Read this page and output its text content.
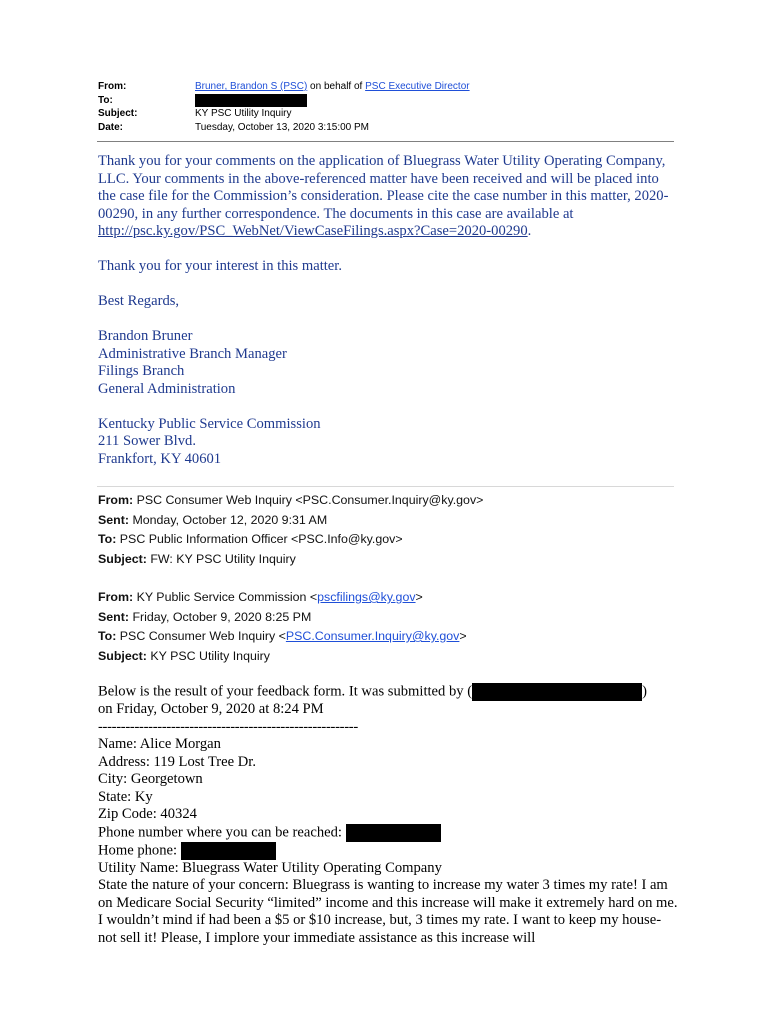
From:	Bruner, Brandon S (PSC) on behalf of PSC Executive Director
To:
Subject:	KY PSC Utility Inquiry
Date:	Tuesday, October 13, 2020 3:15:00 PM

Thank you for your comments on the application of Bluegrass Water Utility Operating Company, LLC. Your comments in the above-referenced matter have been received and will be placed into the case file for the Commission’s consideration. Please cite the case number in this matter, 2020-00290, in any further correspondence. The documents in this case are available at http://psc.ky.gov/PSC_WebNet/ViewCaseFilings.aspx?Case=2020-00290.

Thank you for your interest in this matter.

Best Regards,

Brandon Bruner

Administrative Branch Manager

Filings Branch

General Administration

Kentucky Public Service Commission

211 Sower Blvd.

Frankfort, KY 40601

From: PSC Consumer Web Inquiry <PSC.Consumer.Inquiry@ky.gov>
Sent: Monday, October 12, 2020 9:31 AM
To: PSC Public Information Officer <PSC.Info@ky.gov>
Subject: FW: KY PSC Utility Inquiry
From: KY Public Service Commission <pscfilings@ky.gov>
Sent: Friday, October 9, 2020 8:25 PM
To: PSC Consumer Web Inquiry <PSC.Consumer.Inquiry@ky.gov>
Subject: KY PSC Utility Inquiry

Below is the result of your feedback form. It was submitted by (	)

on Friday, October 9, 2020 at 8:24 PM

---------------------------------------------------------

Name: Alice Morgan

Address: 119 Lost Tree Dr.

City: Georgetown

State: Ky

Zip Code: 40324

Phone number where you can be reached:

Home phone:

Utility Name: Bluegrass Water Utility Operating Company

State the nature of your concern: Bluegrass is wanting to increase my water 3 times my rate! I am on Medicare Social Security “limited” income and this increase will make it extremely hard on me. I wouldn’t mind if had been a $5 or $10 increase, but, 3 times my rate. I want to keep my house-not sell it! Please, I implore your immediate assistance as this increase will
